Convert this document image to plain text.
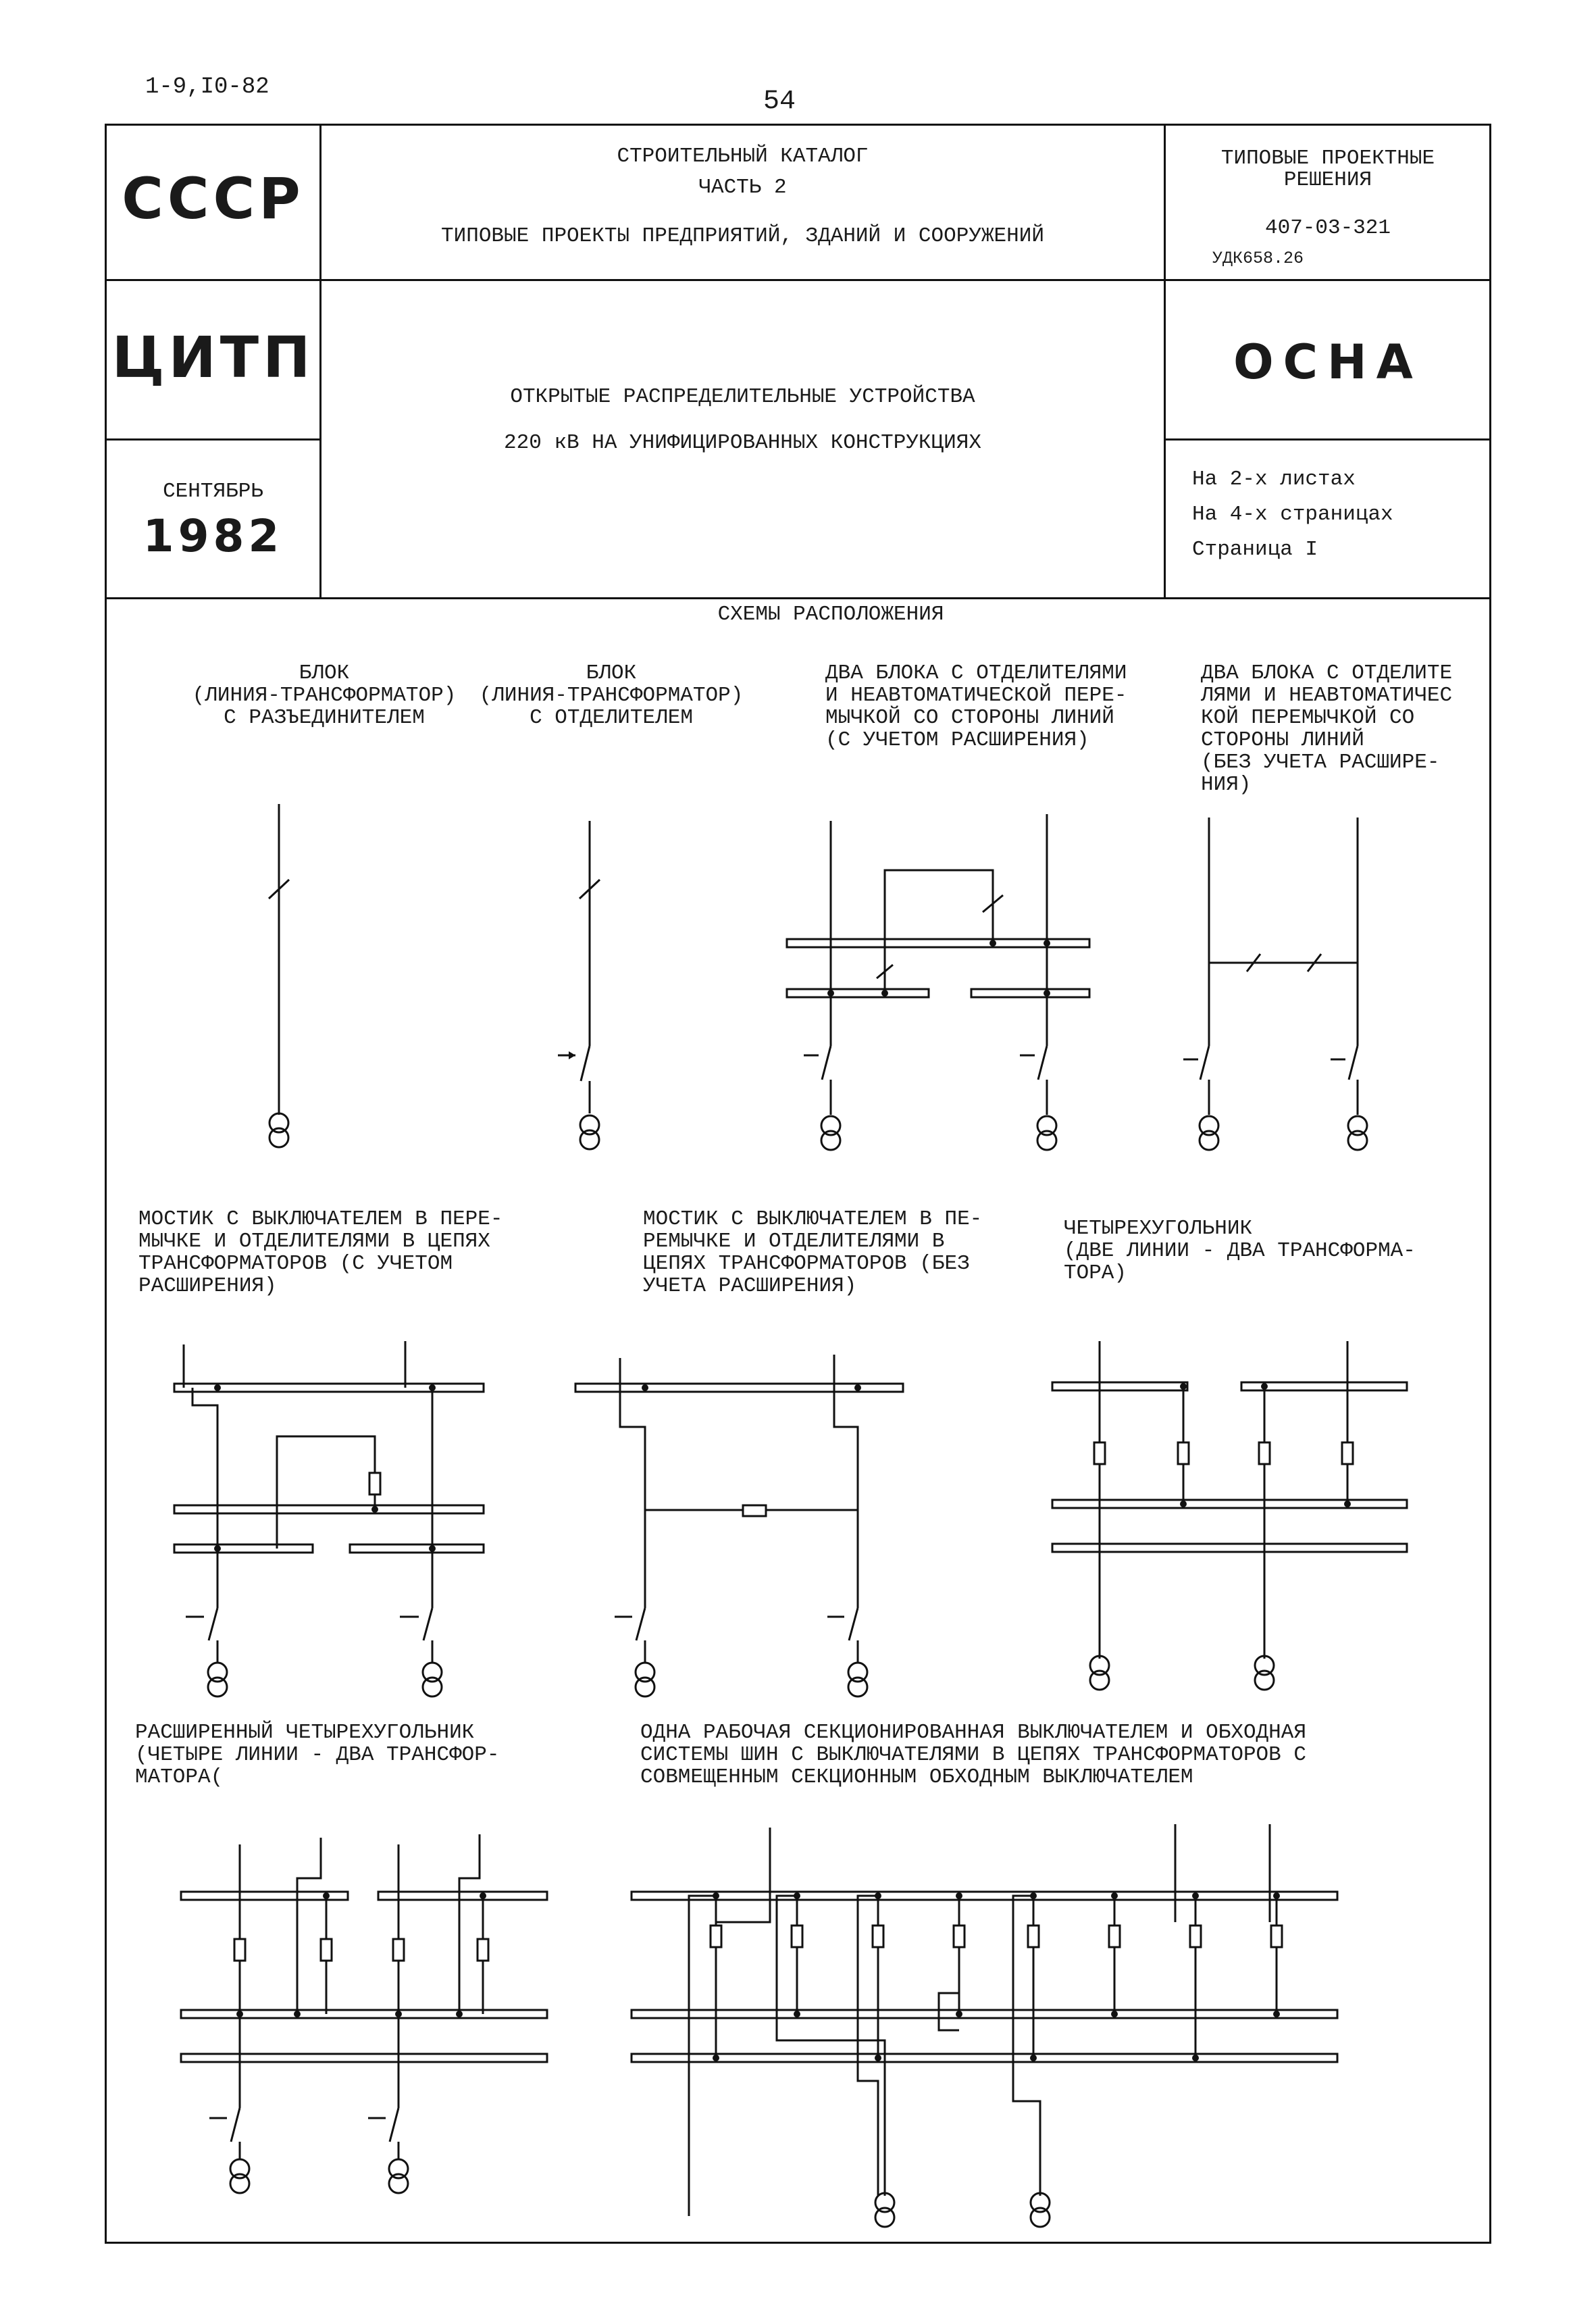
1-9,I0-82	54
СССР
ЦИТП
СЕНТЯБРЬ
1982
СТРОИТЕЛЬНЫЙ КАТАЛОГ
ЧАСТЬ 2
ТИПОВЫЕ ПРОЕКТЫ ПРЕДПРИЯТИЙ, ЗДАНИЙ И СООРУЖЕНИЙ
ТИПОВЫЕ ПРОЕКТНЫЕ
РЕШЕНИЯ
407-03-321
УДК658.26
ОСНА
На 2-х листах
На 4-х страницах
Страница I
ОТКРЫТЫЕ РАСПРЕДЕЛИТЕЛЬНЫЕ УСТРОЙСТВА
220 кВ НА УНИФИЦИРОВАННЫХ КОНСТРУКЦИЯХ
СХЕМЫ РАСПОЛОЖЕНИЯ
БЛОК
(ЛИНИЯ-ТРАНСФОРМАТОР)
С РАЗЪЕДИНИТЕЛЕМ
БЛОК
(ЛИНИЯ-ТРАНСФОРМАТОР)
С ОТДЕЛИТЕЛЕМ
ДВА БЛОКА С ОТДЕЛИТЕЛЯМИ
И НЕАВТОМАТИЧЕСКОЙ ПЕРЕ-
МЫЧКОЙ СО СТОРОНЫ ЛИНИЙ
(С УЧЕТОМ РАСШИРЕНИЯ)
ДВА БЛОКА С ОТДЕЛИТЕ
ЛЯМИ И НЕАВТОМАТИЧЕС
КОЙ ПЕРЕМЫЧКОЙ СО
СТОРОНЫ ЛИНИЙ
(БЕЗ УЧЕТА РАСШИРЕ-
НИЯ)
МОСТИК С ВЫКЛЮЧАТЕЛЕМ В ПЕРЕ-
МЫЧКЕ И ОТДЕЛИТЕЛЯМИ В ЦЕПЯХ
ТРАНСФОРМАТОРОВ (С УЧЕТОМ
РАСШИРЕНИЯ)
МОСТИК С ВЫКЛЮЧАТЕЛЕМ В ПЕ-
РЕМЫЧКЕ И ОТДЕЛИТЕЛЯМИ В
ЦЕПЯХ ТРАНСФОРМАТОРОВ (БЕЗ
УЧЕТА РАСШИРЕНИЯ)
ЧЕТЫРЕХУГОЛЬНИК
(ДВЕ ЛИНИИ - ДВА ТРАНСФОРМА-
ТОРА)
РАСШИРЕННЫЙ ЧЕТЫРЕХУГОЛЬНИК
(ЧЕТЫРЕ ЛИНИИ - ДВА ТРАНСФОР-
МАТОРА(
ОДНА РАБОЧАЯ СЕКЦИОНИРОВАННАЯ ВЫКЛЮЧАТЕЛЕМ И ОБХОДНАЯ
СИСТЕМЫ ШИН С ВЫКЛЮЧАТЕЛЯМИ В ЦЕПЯХ ТРАНСФОРМАТОРОВ С
СОВМЕЩЕННЫМ СЕКЦИОННЫМ ОБХОДНЫМ ВЫКЛЮЧАТЕЛЕМ
